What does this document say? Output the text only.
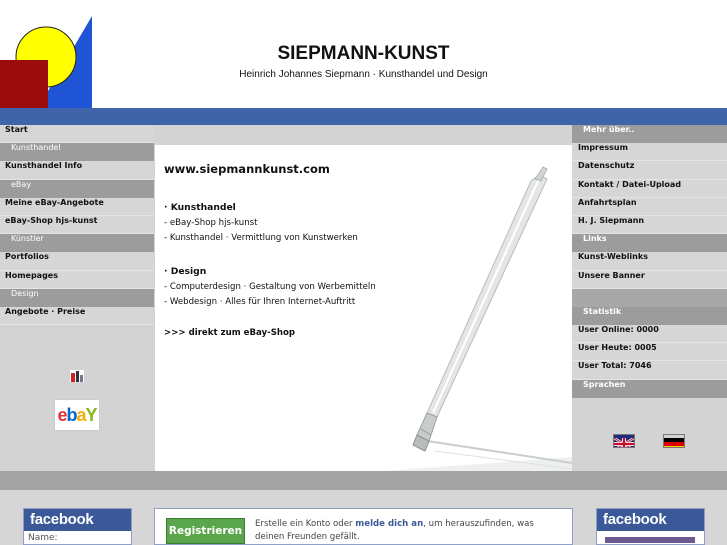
SIEPMANN-KUNST
Heinrich Johannes Siepmann · Kunsthandel und Design
Start
Kunsthandel
Kunsthandel Info
eBay
Meine eBay-Angebote
eBay-Shop hjs-kunst
Künstler
Portfolios
Homepages
Design
Angebote · Preise
ebaY
Mehr über..
Impressum
Datenschutz
Kontakt / Datei-Upload
Anfahrtsplan
H. J. Siepmann
Links
Kunst-Weblinks
Unsere Banner
Statistik
User Online: 0000
User Heute: 0005
User Total: 7046
Sprachen
www.siepmannkunst.com
· Kunsthandel
- eBay-Shop hjs-kunst
- Kunsthandel · Vermittlung von Kunstwerken
· Design
- Computerdesign · Gestaltung von Werbemitteln
- Webdesign · Alles für Ihren Internet-Auftritt
>>> direkt zum eBay-Shop
facebook
Name:
Registrieren
Erstelle ein Konto oder melde dich an, um herauszufinden, was deinen Freunden gefällt.
facebook
